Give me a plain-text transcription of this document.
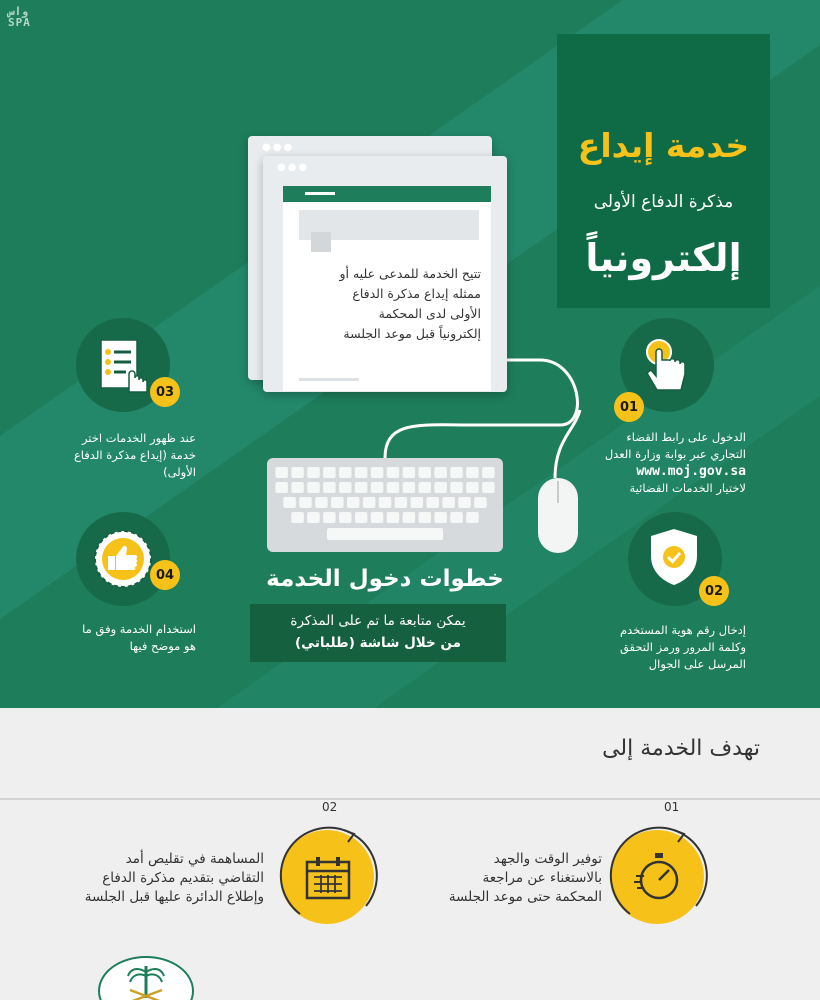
واس
SPA
خدمة إيداع
مذكرة الدفاع الأولى
إلكترونياً
●●●
●●●
تتيح الخدمة للمدعى عليه أو
ممثله إيداع مذكرة الدفاع
الأولى لدى المحكمة
إلكترونياً قبل موعد الجلسة
01
الدخول على رابط القضاء
التجاري عبر بوابة وزارة العدل
www.moj.gov.sa
لاختيار الخدمات القضائية
02
إدخال رقم هوية المستخدم
وكلمة المرور ورمز التحقق
المرسل على الجوال
03
عند ظهور الخدمات اختر
خدمة (إيداع مذكرة الدفاع
الأولى)
04
استخدام الخدمة وفق ما
هو موضح فيها
خطوات دخول الخدمة
يمكن متابعة ما تم على المذكرة
من خلال شاشة (طلباتي)
تهدف الخدمة إلى
01
توفير الوقت والجهد
بالاستغناء عن مراجعة
المحكمة حتى موعد الجلسة
02
المساهمة في تقليص أمد
التقاضي بتقديم مذكرة الدفاع
وإطلاع الدائرة عليها قبل الجلسة
